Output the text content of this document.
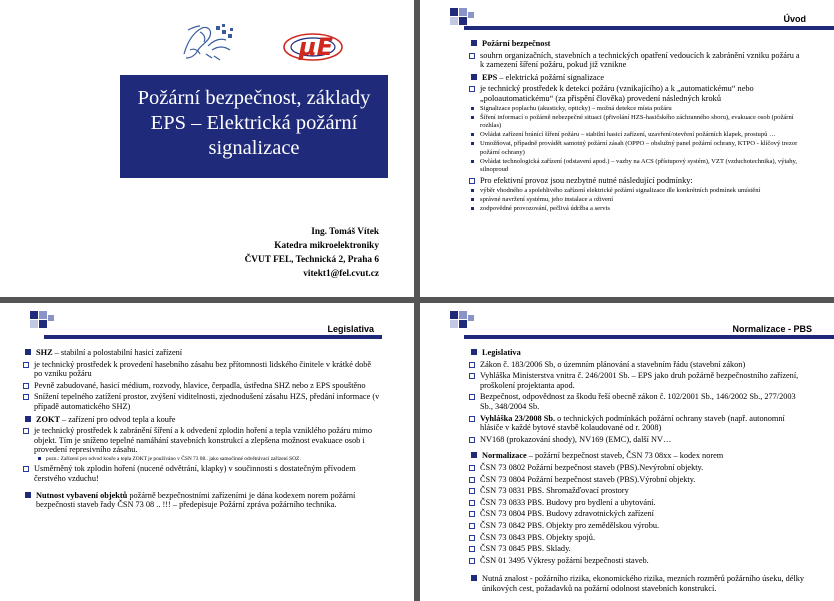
μE
Požární bezpečnost, základy EPS – Elektrická požární signalizace
Ing. Tomáš Vítek
Katedra mikroelektroniky
ČVUT FEL, Technická 2, Praha 6
vitekt1@fel.cvut.cz
Úvod
Požární bezpečnost
souhrn organizačních, stavebních a technických opatření vedoucích k zabránění vzniku požáru a k zamezení šíření požáru, pokud již vznikne
EPS – elektrická požární signalizace
je technický prostředek k detekci požáru (vznikajícího) a k „automatickému“ nebo „poloautomatickému“ (za přispění člověka) provedení následných kroků
Signalizace poplachu (akusticky, opticky) – možná detekce místa požáru
Šíření informací o požárně nebezpečné situaci (přivolání HZS-hasičského záchranného sboru), evakuace osob (požární rozhlas)
Ovládat zařízení bránící šíření požáru – stabilní hasicí zařízení, uzavření/otevření požárních klapek, prostupů …
Umožňovat, případně provádět samotný požární zásah (OPPO – obslužný panel požární ochrany, KTPO - klíčový trezor požární ochrany)
Ovládat technologická zařízení (odstavení apod.) – vazby na ACS (přístupový systém), VZT (vzduchotechnika), výtahy, silnoproud
Pro efektivní provoz jsou nezbytné nutné následující podmínky:
výběr vhodného a spolehlivého zařízení elektrické požární signalizace dle konkrétních podmínek umístění
správné navržení systému, jeho instalace a oživení
zodpovědné provozování, pečlivá údržba a servis
Legislativa
SHZ – stabilní a polostabilní hasicí zařízení
je technický prostředek k provedení hasebního zásahu bez přítomnosti lidského činitele v krátké době po vzniku požáru
Pevně zabudované, hasicí médium, rozvody, hlavice, čerpadla, ústředna SHZ nebo z EPS spouštěno
Snížení tepelného zatížení prostor, zvýšení viditelnosti, zjednodušení zásahu HZS, předání informace (v případě automatického SHZ)
ZOKT – zařízení pro odvod tepla a kouře
je technický prostředek k zabránění šíření a k odvedení zplodin hoření a tepla vzniklého požáru mimo objekt. Tím je sníženo tepelné namáhání stavebních konstrukcí a zlepšena možnost evakuace osob i provedení represivního zásahu.
pozn.: Zařízení pro odvod kouře a tepla ZOKT je používáno v ČSN 73 08.. jako samočinné odvětrávací zařízení SOZ.
Usměrněný tok zplodin hoření (nucené odvětrání, klapky) v součinnosti s dostatečným přívodem čerstvého vzduchu!
Nutnost vybavení objektů požárně bezpečnostními zařízeními je dána kodexem norem požární bezpečnosti staveb řady ČSN 73 08 .. !!! – předepisuje Požární zpráva požárního technika.
Normalizace - PBS
Legislativa
Zákon č. 183/2006 Sb, o územním plánování a stavebním řádu (stavební zákon)
Vyhláška Ministerstva vnitra č. 246/2001 Sb. – EPS jako druh požárně bezpečnostního zařízení, proškolení projektanta apod.
Bezpečnost, odpovědnost za škodu řeší obecně zákon č. 102/2001 Sb., 146/2002 Sb., 277/2003 Sb., 348/2004 Sb.
Vyhláška 23/2008 Sb. o technických podmínkách požární ochrany staveb (např. autonomní hlásiče v každé bytové stavbě kolaudované od r. 2008)
NV168 (prokazování shody), NV169 (EMC), další NV…
Normalizace – požární bezpečnost staveb, ČSN 73 08xx – kodex norem
ČSN 73 0802 Požární bezpečnost staveb (PBS).Nevýrobní objekty.
ČSN 73 0804 Požární bezpečnost staveb (PBS).Výrobní objekty.
ČSN 73 0831 PBS. Shromažďovací prostory
ČSN 73 0833 PBS. Budovy pro bydlení a ubytování.
ČSN 73 0804 PBS. Budovy zdravotnických zařízení
ČSN 73 0842 PBS. Objekty pro zemědělskou výrobu.
ČSN 73 0843 PBS. Objekty spojů.
ČSN 73 0845 PBS. Sklady.
ČSN 01 3495 Výkresy požární bezpečnosti staveb.
Nutná znalost - požárního rizika, ekonomického rizika, mezních rozměrů požárního úseku, délky únikových cest, požadavků na požární odolnost stavebních konstrukcí.
